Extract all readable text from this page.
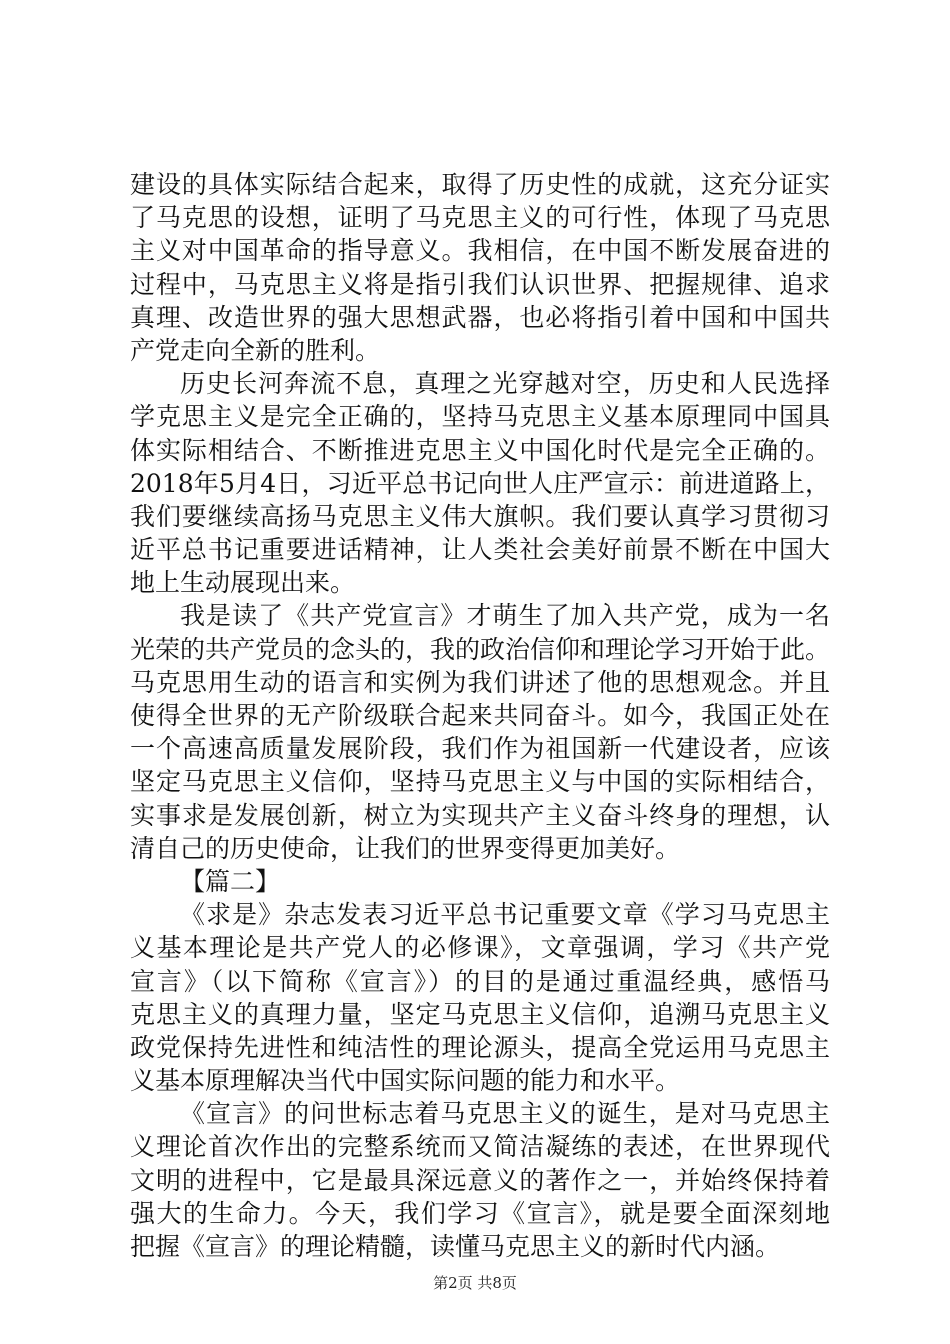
建设的具体实际结合起来，取得了历史性的成就，这充分证实
了马克思的设想，证明了马克思主义的可行性，体现了马克思
主义对中国革命的指导意义。我相信，在中国不断发展奋进的
过程中，马克思主义将是指引我们认识世界、把握规律、追求
真理、改造世界的强大思想武器，也必将指引着中国和中国共
产党走向全新的胜利。
历史长河奔流不息，真理之光穿越对空，历史和人民选择
学克思主义是完全正确的，坚持马克思主义基本原理同中国具
体实际相结合、不断推进克思主义中国化时代是完全正确的。
2018年5月4日，习近平总书记向世人庄严宣示：前进道路上，
我们要继续高扬马克思主义伟大旗帜。我们要认真学习贯彻习
近平总书记重要进话精神，让人类社会美好前景不断在中国大
地上生动展现出来。
我是读了《共产党宣言》才萌生了加入共产党，成为一名
光荣的共产党员的念头的，我的政治信仰和理论学习开始于此。
马克思用生动的语言和实例为我们讲述了他的思想观念。并且
使得全世界的无产阶级联合起来共同奋斗。如今，我国正处在
一个高速高质量发展阶段，我们作为祖国新一代建设者，应该
坚定马克思主义信仰，坚持马克思主义与中国的实际相结合，
实事求是发展创新，树立为实现共产主义奋斗终身的理想，认
清自己的历史使命，让我们的世界变得更加美好。
【篇二】
《求是》杂志发表习近平总书记重要文章《学习马克思主
义基本理论是共产党人的必修课》，文章强调，学习《共产党
宣言》（以下简称《宣言》）的目的是通过重温经典，感悟马
克思主义的真理力量，坚定马克思主义信仰，追溯马克思主义
政党保持先进性和纯洁性的理论源头，提高全党运用马克思主
义基本原理解决当代中国实际问题的能力和水平。
《宣言》的问世标志着马克思主义的诞生，是对马克思主
义理论首次作出的完整系统而又简洁凝练的表述，在世界现代
文明的进程中，它是最具深远意义的著作之一，并始终保持着
强大的生命力。今天，我们学习《宣言》，就是要全面深刻地
把握《宣言》的理论精髓，读懂马克思主义的新时代内涵。
第2页 共8页
